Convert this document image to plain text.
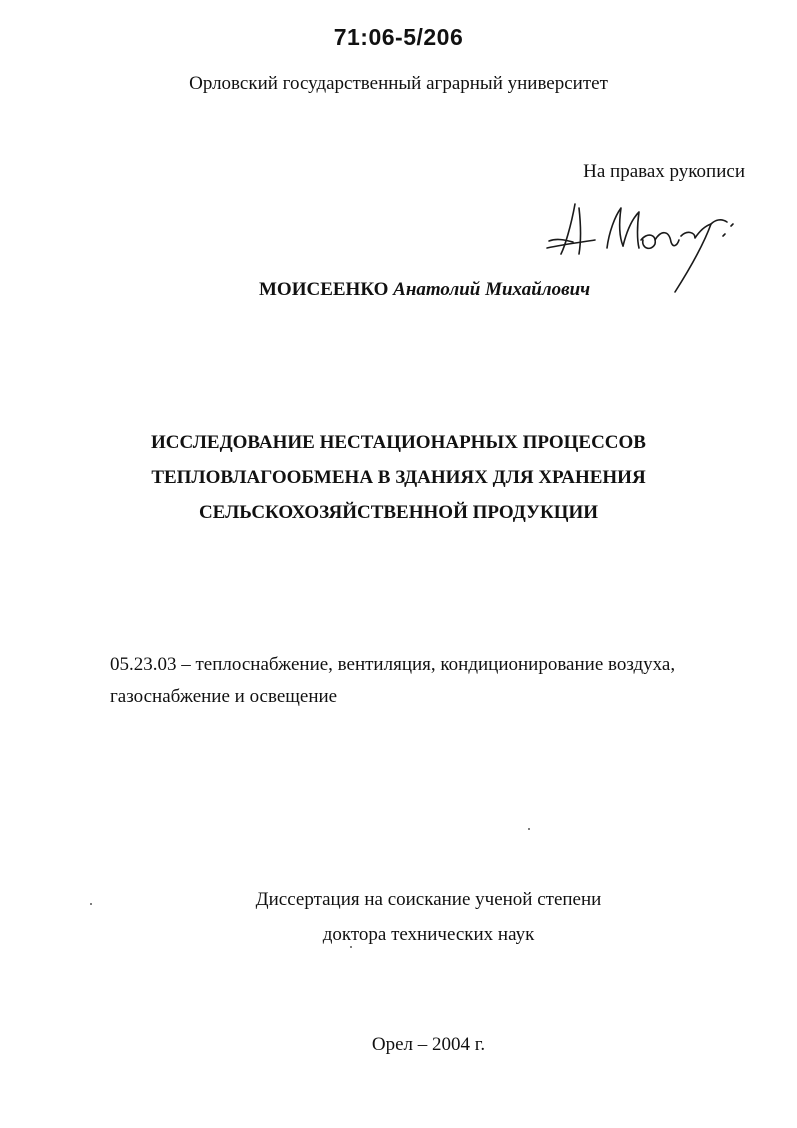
71:06-5/206
Орловский государственный аграрный университет
На правах рукописи
МОИСЕЕНКО Анатолий Михайлович
ИССЛЕДОВАНИЕ НЕСТАЦИОНАРНЫХ ПРОЦЕССОВ
ТЕПЛОВЛАГООБМЕНА В ЗДАНИЯХ ДЛЯ ХРАНЕНИЯ
СЕЛЬСКОХОЗЯЙСТВЕННОЙ ПРОДУКЦИИ
05.23.03 – теплоснабжение, вентиляция, кондиционирование воздуха,
газоснабжение и освещение
Диссертация на соискание ученой степени
доктора технических наук
Орел – 2004 г.
